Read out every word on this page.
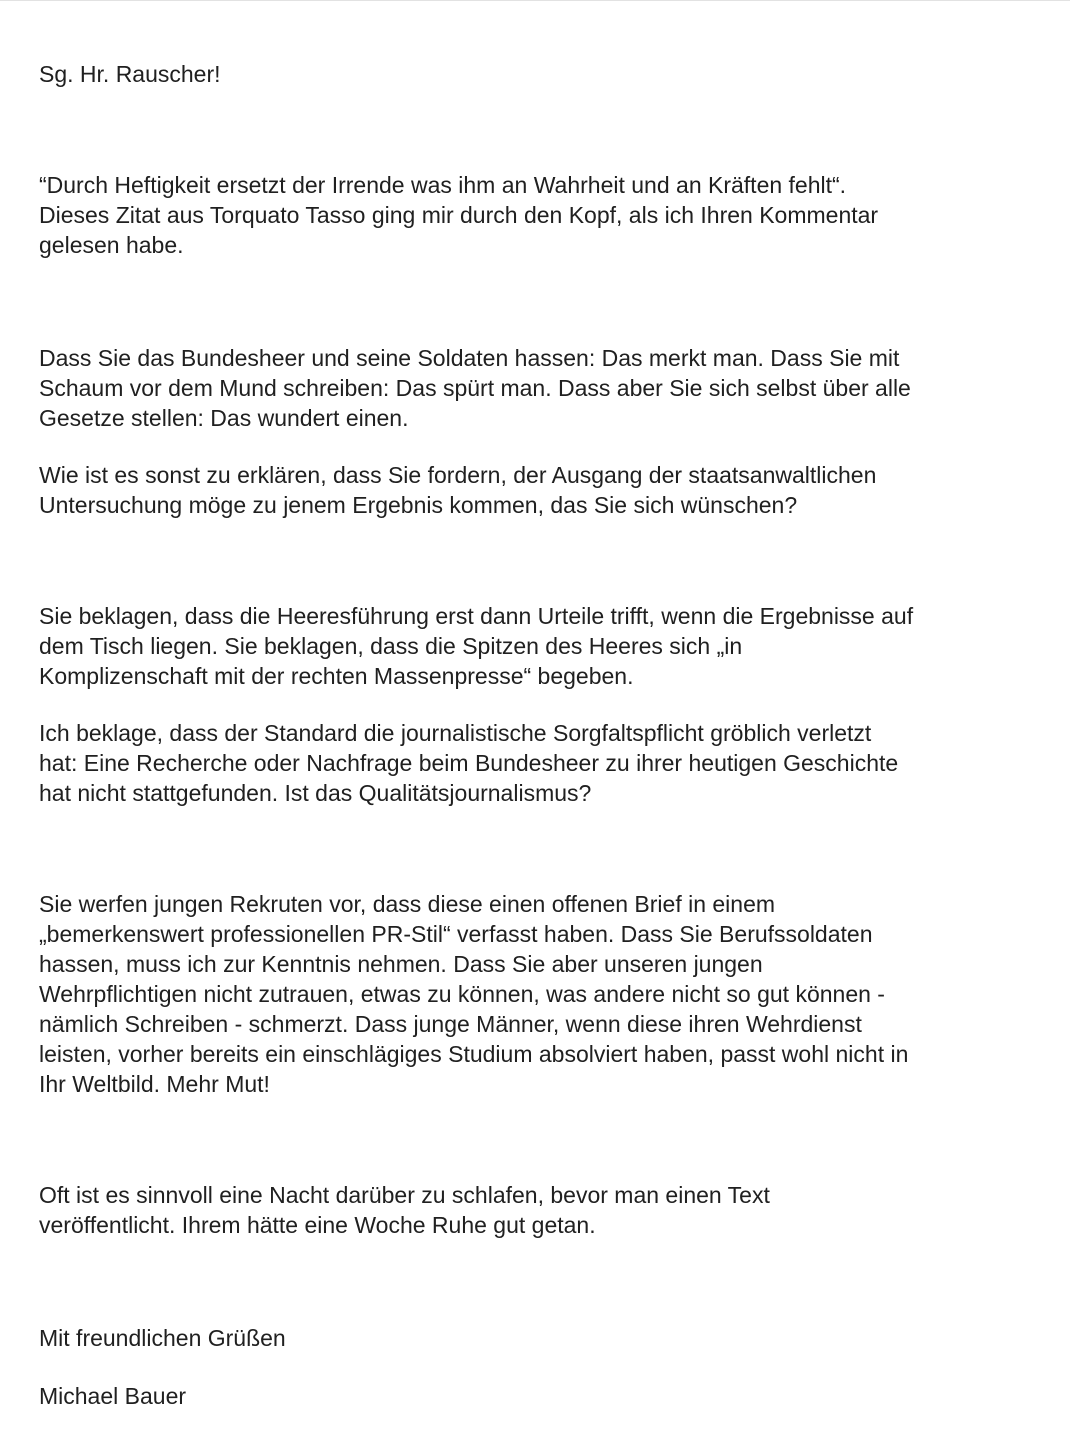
Sg. Hr. Rauscher!
“Durch Heftigkeit ersetzt der Irrende was ihm an Wahrheit und an Kräften fehlt“.
Dieses Zitat aus Torquato Tasso ging mir durch den Kopf, als ich Ihren Kommentar
gelesen habe.
Dass Sie das Bundesheer und seine Soldaten hassen: Das merkt man. Dass Sie mit
Schaum vor dem Mund schreiben: Das spürt man. Dass aber Sie sich selbst über alle
Gesetze stellen: Das wundert einen.
Wie ist es sonst zu erklären, dass Sie fordern, der Ausgang der staatsanwaltlichen
Untersuchung möge zu jenem Ergebnis kommen, das Sie sich wünschen?
Sie beklagen, dass die Heeresführung erst dann Urteile trifft, wenn die Ergebnisse auf
dem Tisch liegen. Sie beklagen, dass die Spitzen des Heeres sich „in
Komplizenschaft mit der rechten Massenpresse“ begeben.
Ich beklage, dass der Standard die journalistische Sorgfaltspflicht gröblich verletzt
hat: Eine Recherche oder Nachfrage beim Bundesheer zu ihrer heutigen Geschichte
hat nicht stattgefunden. Ist das Qualitätsjournalismus?
Sie werfen jungen Rekruten vor, dass diese einen offenen Brief in einem
„bemerkenswert professionellen PR-Stil“ verfasst haben. Dass Sie Berufssoldaten
hassen, muss ich zur Kenntnis nehmen. Dass Sie aber unseren jungen
Wehrpflichtigen nicht zutrauen, etwas zu können, was andere nicht so gut können -
nämlich Schreiben - schmerzt. Dass junge Männer, wenn diese ihren Wehrdienst
leisten, vorher bereits ein einschlägiges Studium absolviert haben, passt wohl nicht in
Ihr Weltbild. Mehr Mut!
Oft ist es sinnvoll eine Nacht darüber zu schlafen, bevor man einen Text
veröffentlicht. Ihrem hätte eine Woche Ruhe gut getan.
Mit freundlichen Grüßen
Michael Bauer
